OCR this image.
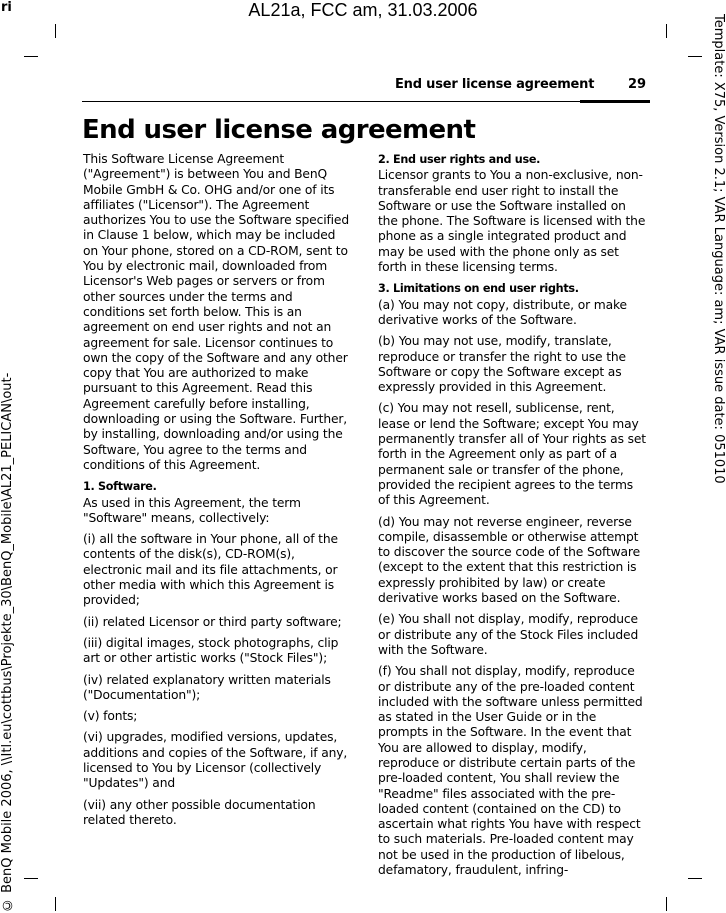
ri	AL21a, FCC am, 31.03.2006
Template: X75, Version 2.1; VAR Language: am; VAR issue date: 051010
© BenQ Mobile 2006, \\Itl.eu\cottbus\Projekte_30\BenQ_Mobile\AL21_PELICAN\out-
End user license agreement	29
End user license agreement

This Software License Agreement ("Agreement") is between You and BenQ Mobile GmbH & Co. OHG and/or one of its affiliates ("Licensor"). The Agreement authorizes You to use the Software specified in Clause 1 below, which may be included on Your phone, stored on a CD-ROM, sent to You by electronic mail, downloaded from Licensor's Web pages or servers or from other sources under the terms and conditions set forth below. This is an agreement on end user rights and not an agreement for sale. Licensor continues to own the copy of the Software and any other copy that You are authorized to make pursuant to this Agreement. Read this Agreement carefully before installing, downloading or using the Software. Further, by installing, downloading and/or using the Software, You agree to the terms and conditions of this Agreement.

1. Software.

As used in this Agreement, the term "Software" means, collectively:

(i) all the software in Your phone, all of the contents of the disk(s), CD-ROM(s), electronic mail and its file attachments, or other media with which this Agreement is provided;

(ii) related Licensor or third party software;

(iii) digital images, stock photographs, clip art or other artistic works ("Stock Files");

(iv) related explanatory written materials ("Documentation");

(v) fonts;

(vi) upgrades, modified versions, updates, additions and copies of the Software, if any, licensed to You by Licensor (collectively "Updates") and

(vii) any other possible documentation related thereto.

2. End user rights and use.

Licensor grants to You a non-exclusive, non-transferable end user right to install the Software or use the Software installed on the phone. The Software is licensed with the phone as a single integrated product and may be used with the phone only as set forth in these licensing terms.

3. Limitations on end user rights.

(a) You may not copy, distribute, or make derivative works of the Software.

(b) You may not use, modify, translate, reproduce or transfer the right to use the Software or copy the Software except as expressly provided in this Agreement.

(c) You may not resell, sublicense, rent, lease or lend the Software; except You may permanently transfer all of Your rights as set forth in the Agreement only as part of a permanent sale or transfer of the phone, provided the recipient agrees to the terms of this Agreement.

(d) You may not reverse engineer, reverse compile, disassemble or otherwise attempt to discover the source code of the Software (except to the extent that this restriction is expressly prohibited by law) or create derivative works based on the Software.

(e) You shall not display, modify, reproduce or distribute any of the Stock Files included with the Software.

(f) You shall not display, modify, reproduce or distribute any of the pre-loaded content included with the software unless permitted as stated in the User Guide or in the prompts in the Software. In the event that You are allowed to display, modify, reproduce or distribute certain parts of the pre-loaded content, You shall review the "Readme" files associated with the pre-loaded content (contained on the CD) to ascertain what rights You have with respect to such materials. Pre-loaded content may not be used in the production of libelous, defamatory, fraudulent, infring-
